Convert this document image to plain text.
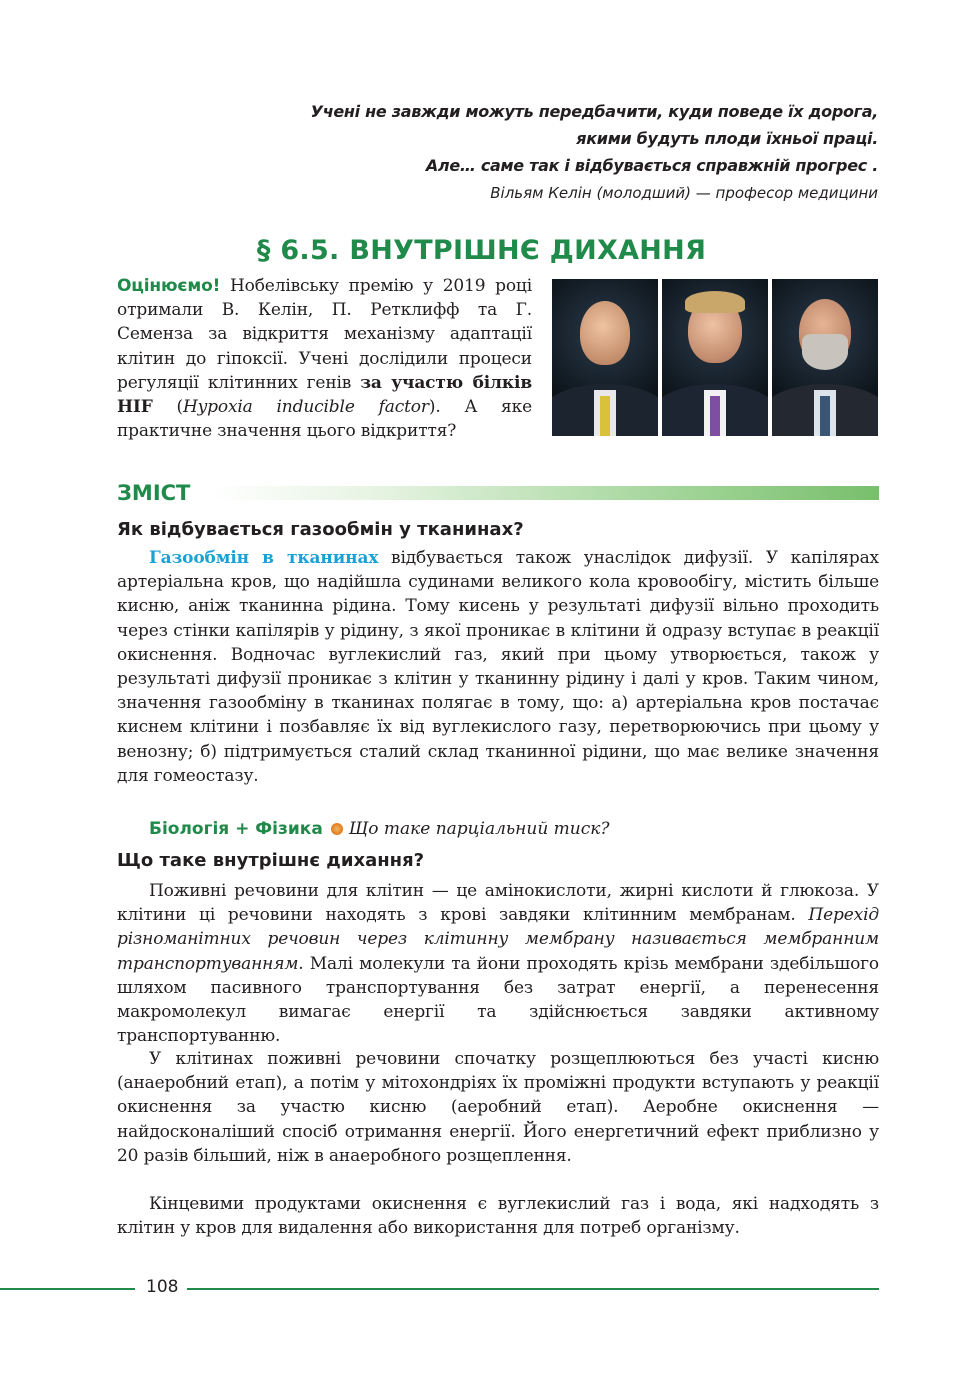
Учені не завжди можуть передбачити, куди поведе їх дорога,
якими будуть плоди їхньої праці.
Але… саме так і відбувається справжній прогрес .
Вільям Келін (молодший) — професор медицини
§ 6.5. ВНУТРІШНЄ ДИХАННЯ
Оцінюємо! Нобелівську премію у 2019 році отримали В. Келін, П. Ретклифф та Г. Семенза за відкриття механізму адаптації клітин до гіпоксії. Учені дослідили процеси регуляції клітинних генів за участю білків HIF (Hypoxia inducible factor). А яке практичне значення цього відкриття?
ЗМІСТ
Як відбувається газообмін у тканинах?
Газообмін в тканинах відбувається також унаслідок дифузії. У капілярах артеріальна кров, що надійшла судинами великого кола кровообігу, містить більше кисню, аніж тканинна рідина. Тому кисень у результаті дифузії вільно проходить через стінки капілярів у рідину, з якої проникає в клітини й одразу вступає в реакції окиснення. Водночас вуглекислий газ, який при цьому утворюється, також у результаті дифузії проникає з клітин у тканинну рідину і далі у кров. Таким чином, значення газообміну в тканинах полягає в тому, що: а) артеріальна кров постачає киснем клітини і позбавляє їх від вуглекислого газу, перетворюючись при цьому у венозну; б) підтримується сталий склад тканинної рідини, що має велике значення для гомеостазу.
Біологія + Фізика Що таке парціальний тиск?
Що таке внутрішнє дихання?
Поживні речовини для клітин — це амінокислоти, жирні кислоти й глюкоза. У клітини ці речовини находять з крові завдяки клітинним мембранам. Перехід різноманітних речовин через клітинну мембрану називається мембранним транспортуванням. Малі молекули та йони проходять крізь мембрани здебільшого шляхом пасивного транспортування без затрат енергії, а перенесення макромолекул вимагає енергії та здійснюється завдяки активному транспортуванню.
У клітинах поживні речовини спочатку розщеплюються без участі кисню (анаеробний етап), а потім у мітохондріях їх проміжні продукти вступають у реакції окиснення за участю кисню (аеробний етап). Аеробне окиснення — найдосконаліший спосіб отримання енергії. Його енергетичний ефект приблизно у 20 разів більший, ніж в анаеробного розщеплення.
Кінцевими продуктами окиснення є вуглекислий газ і вода, які надходять з клітин у кров для видалення або використання для потреб організму.
108
